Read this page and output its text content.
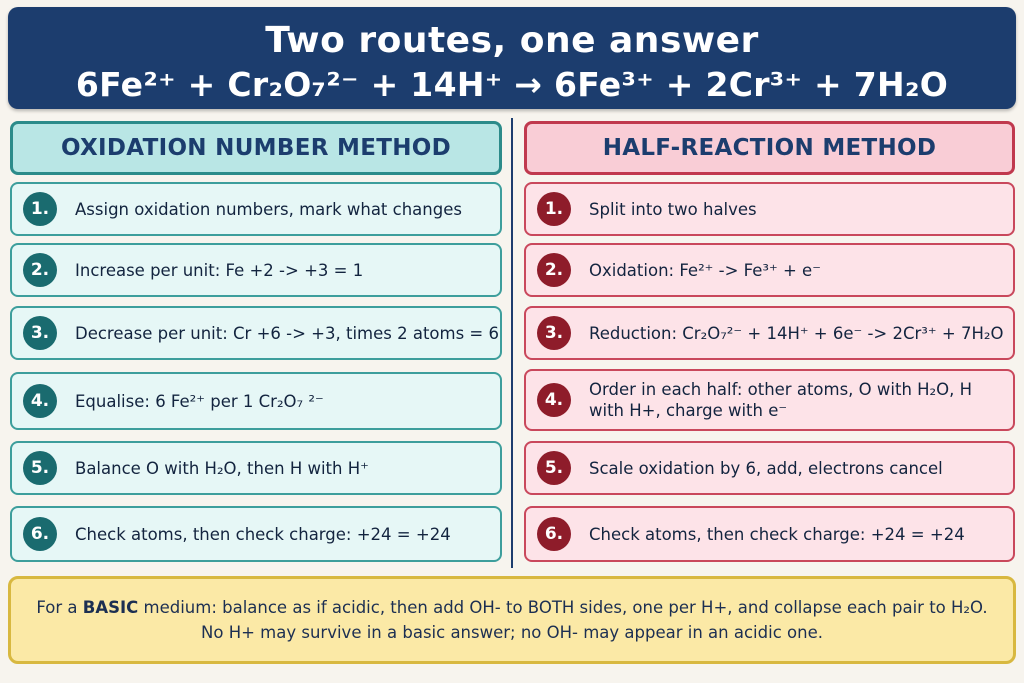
Two routes, one answer
6Fe²⁺ + Cr₂O₇²⁻ + 14H⁺ → 6Fe³⁺ + 2Cr³⁺ + 7H₂O
OXIDATION NUMBER METHOD	HALF-REACTION METHOD
1.	Assign oxidation numbers, mark what changes
2.	Increase per unit: Fe +2 -> +3 = 1
3.	Decrease per unit: Cr +6 -> +3, times 2 atoms = 6
4.	Equalise: 6 Fe²⁺ per 1 Cr₂O₇ ²⁻
5.	Balance O with H₂O, then H with H⁺
6.	Check atoms, then check charge: +24 = +24
1.	Split into two halves
2.	Oxidation: Fe²⁺ -> Fe³⁺ + e⁻
3.	Reduction: Cr₂O₇²⁻ + 14H⁺ + 6e⁻ -> 2Cr³⁺ + 7H₂O
4.
Order in each half: other atoms, O with H₂O, H with H+, charge with e⁻
5.	Scale oxidation by 6, add, electrons cancel
6.	Check atoms, then check charge: +24 = +24
For a BASIC medium: balance as if acidic, then add OH- to BOTH sides, one per H+, and collapse each pair to H₂O.
No H+ may survive in a basic answer; no OH- may appear in an acidic one.
